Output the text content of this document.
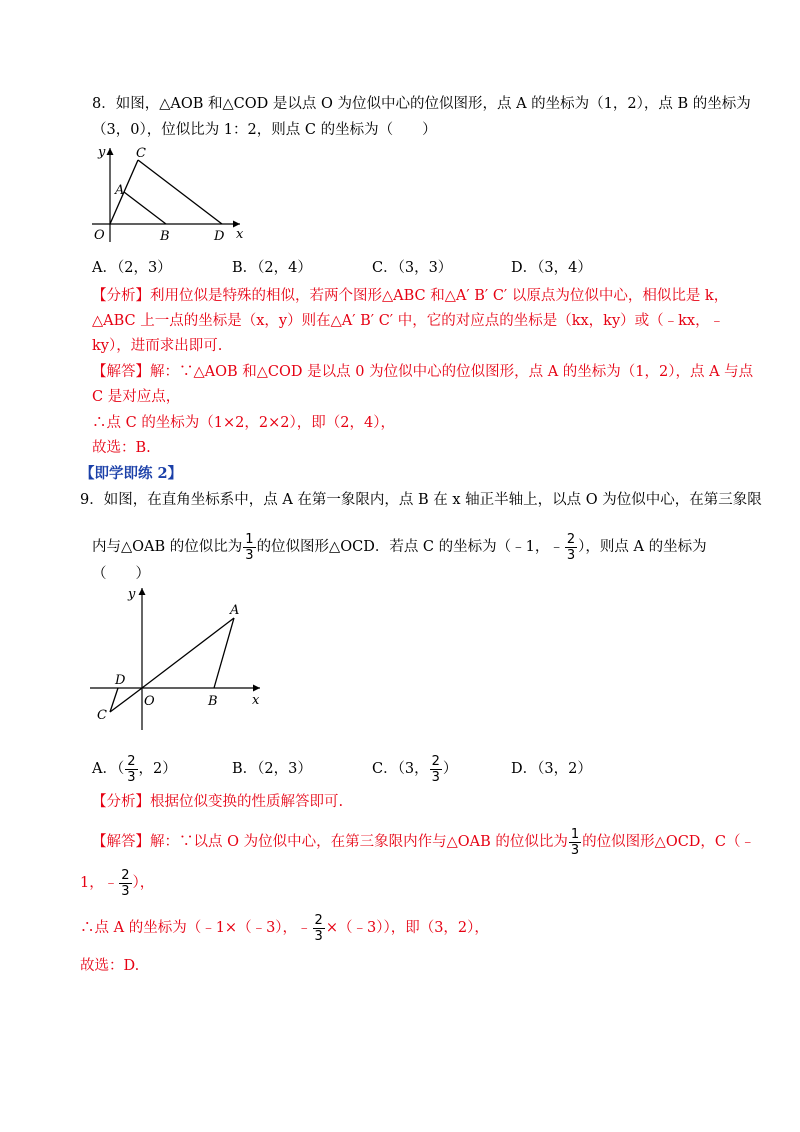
8．如图，△AOB 和△COD 是以点 O 为位似中心的位似图形，点 A 的坐标为（1，2），点 B 的坐标为
（3，0），位似比为 1：2，则点 C 的坐标为（　　）
y
x
O
A
B
C
D
A．（2，3）	B．（2，4）	C．（3，3）	D．（3，4）
【分析】利用位似是特殊的相似，若两个图形△ABC 和△A′ B′ C′ 以原点为位似中心，相似比是 k，
△ABC 上一点的坐标是（x，y）则在△A′ B′ C′ 中，它的对应点的坐标是（kx，ky）或（﹣kx，﹣
ky），进而求出即可.
【解答】解：∵△AOB 和△COD 是以点 0 为位似中心的位似图形，点 A 的坐标为（1，2），点 A 与点
C 是对应点，
∴点 C 的坐标为（1×2，2×2），即（2，4），
故选：B.
【即学即练 2】
9．如图，在直角坐标系中，点 A 在第一象限内，点 B 在 x 轴正半轴上，以点 O 为位似中心，在第三象限
内与△OAB 的位似比为 $\frac{1}{3}$ 的位似图形△OCD．若点 C 的坐标为（﹣1，﹣ $\frac{2}{3}$ ），则点 A 的坐标为
（　　）
y
x
O
A
B
C
D
A．（ $\frac{2}{3}$ ，2）	B．（2，3）	C．（3， $\frac{2}{3}$ ）	D．（3，2）
【分析】根据位似变换的性质解答即可.
【解答】解：∵以点 O 为位似中心，在第三象限内作与△OAB 的位似比为 $\frac{1}{3}$ 的位似图形△OCD，C（﹣
1，﹣ $\frac{2}{3}$ ），
∴点 A 的坐标为（﹣1×（﹣3），﹣ $\frac{2}{3}$ ×（﹣3）），即（3，2），
故选：D.
